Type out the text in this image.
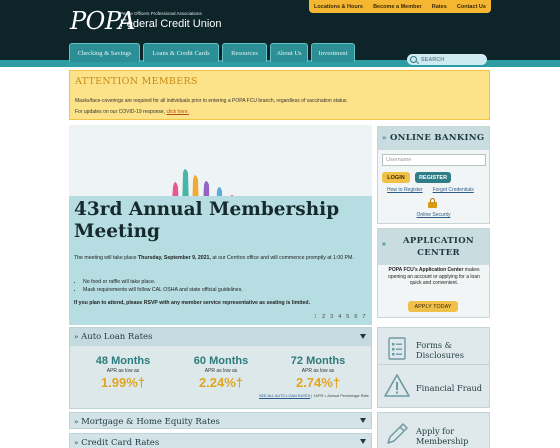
POPA
Peace Officers Professional Associations
Federal Credit Union
Locations & Hours Become a Member Rates Contact Us
Checking & Savings	Loans & Credit Cards	Resources	About Us	Investment
SEARCH
ATTENTION MEMBERS
Masks/face-coverings are required for all individuals prior to entering a POPA FCU branch, regardless of vaccination status.
For updates on our COVID-19 response, click here.
43rd Annual Membership Meeting
The meeting will take place Thursday, September 9, 2021, at our Cerritos office and will commence promptly at 1:00 PM.
• No food or raffle will take place.
• Mask requirements will follow CAL OSHA and state official guidelines.
If you plan to attend, please RSVP with any member service representative as seating is limited.
1 2 3 4 5 6 7
» Auto Loan Rates
48 Months
APR as low as
1.99%†
60 Months
APR as low as
2.24%†
72 Months
APR as low as
2.74%†
SEE ALL AUTO LOAN RATES | †APR = Annual Percentage Rate
» Mortgage & Home Equity Rates
» Credit Card Rates
» ONLINE BANKING
Username
LOGIN	REGISTER
How to Register Forgot Credentials
Online Security
»	APPLICATION CENTER
POPA FCU's Application Center makes opening an account or applying for a loan quick and convenient.
APPLY TODAY
Forms & Disclosures
Financial Fraud
Apply for Membership
